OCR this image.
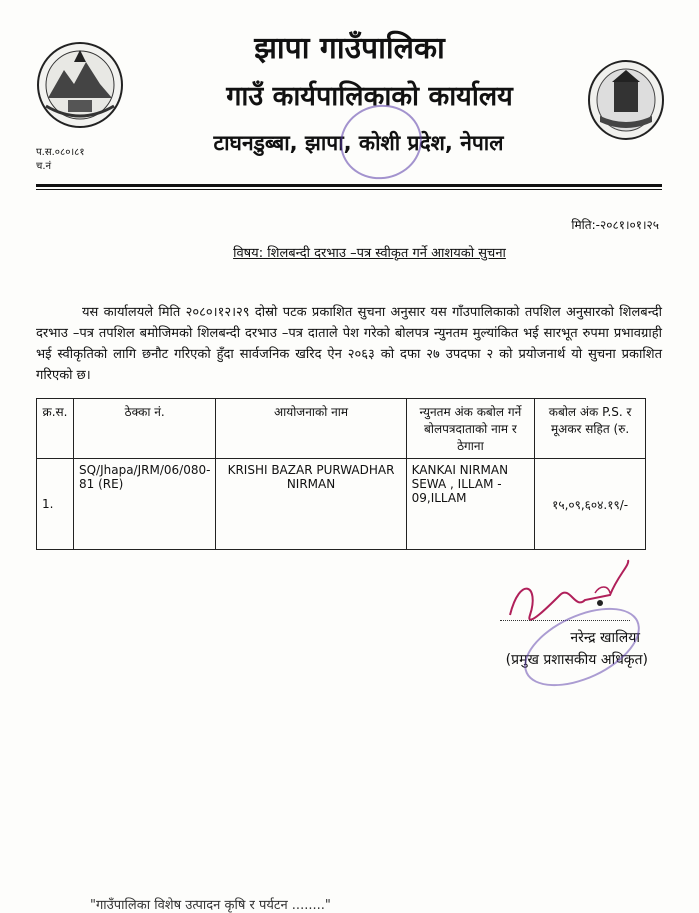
झापा गाउँपालिका
गाउँ कार्यपालिकाको कार्यालय
टाघनडुब्बा, झापा, कोशी प्रदेश, नेपाल
प.स.०८०।८१
च.नं
मिति:-२०८१।०१।२५
विषय: शिलबन्दी दरभाउ –पत्र स्वीकृत गर्ने आशयको सुचना
यस कार्यालयले मिति २०८०।१२।२९ दोस्रो पटक प्रकाशित सुचना अनुसार यस गाँउपालिकाको तपशिल अनुसारको शिलबन्दी दरभाउ –पत्र तपशिल बमोजिमको शिलबन्दी दरभाउ –पत्र दाताले पेश गरेको बोलपत्र न्युनतम मुल्यांकित भई सारभूत रुपमा प्रभावग्राही भई स्वीकृतिको लागि छनौट गरिएको हुँदा सार्वजनिक खरिद ऐन २०६३ को दफा २७ उपदफा २ को प्रयोजनार्थ यो सुचना प्रकाशित गरिएको छ।
क्र.स.	ठेक्का नं.	आयोजनाको नाम	न्युनतम अंक कबोल गर्ने बोलपत्रदाताको नाम र ठेगाना	कबोल अंक P.S. र मूअकर सहित (रु.
1.	SQ/Jhapa/JRM/06/080-81 (RE)	KRISHI BAZAR PURWADHAR NIRMAN	KANKAI NIRMAN SEWA , ILLAM - 09,ILLAM	१५,०९,६०४.१९/-
नरेन्द्र खालिया
(प्रमुख प्रशासकीय अधिकृत)
"गाउँपालिका विशेष उत्पादन कृषि र पर्यटन ........"
